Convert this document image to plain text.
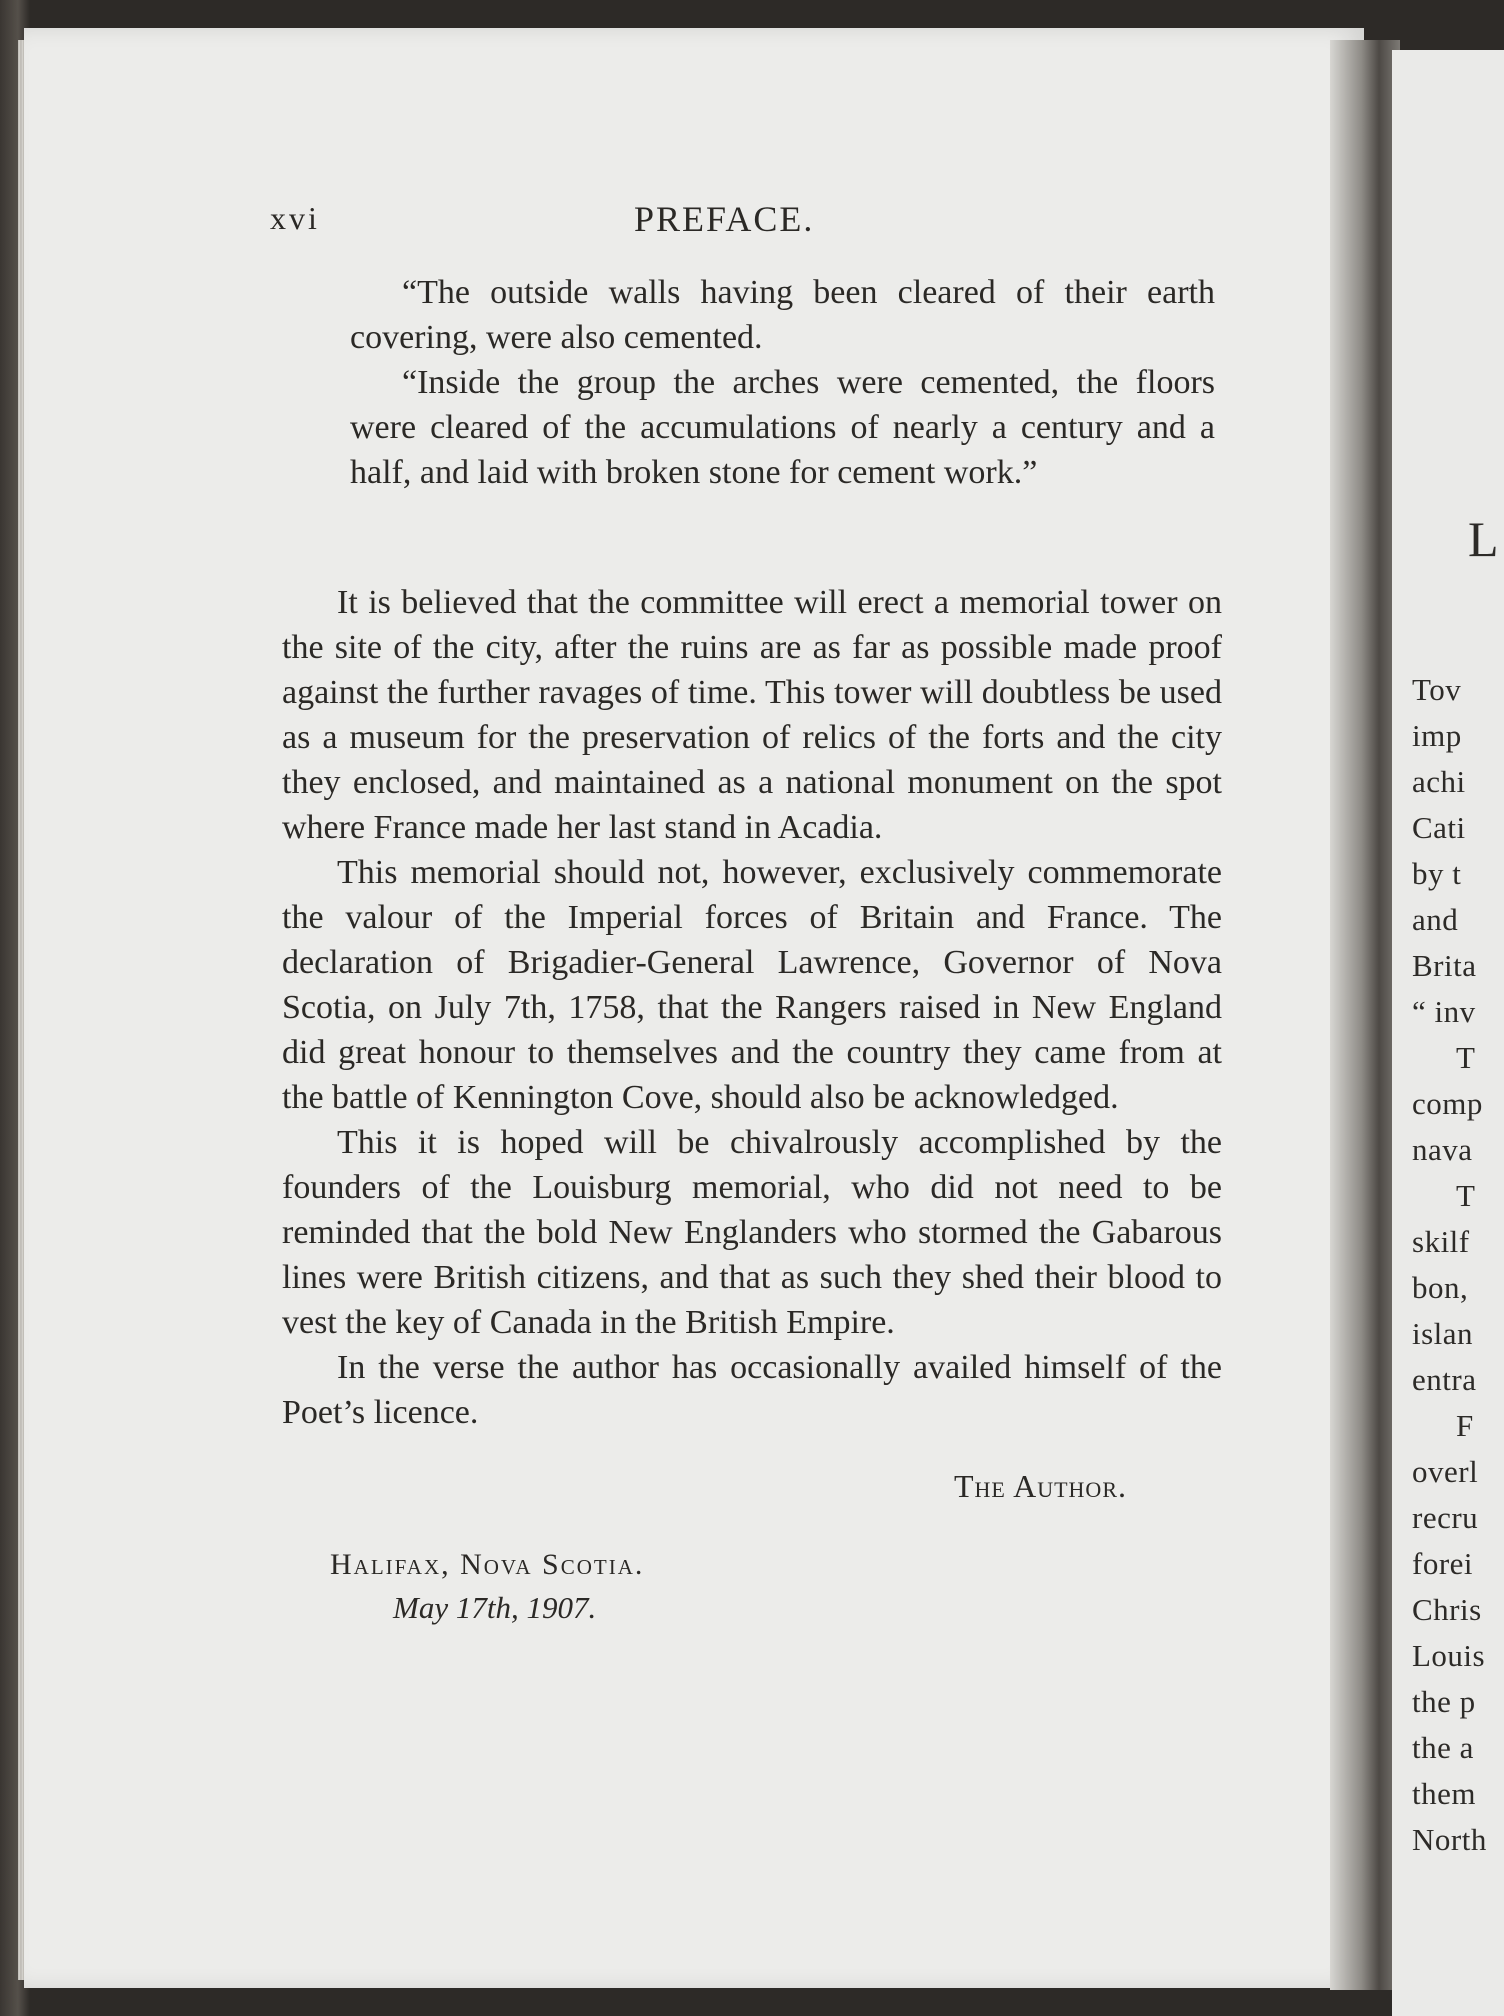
L
Tov
imp
achi
Cati
by t
and
Brita
“ inv
T
comp
nava
T
skilf
bon,
islan
entra
F
overl
recru
forei
Chris
Louis
the p
the a
them
North
xvi	PREFACE.

“The outside walls having been cleared of their earth covering, were also cemented.

“Inside the group the arches were cemented, the floors were cleared of the accumulations of nearly a century and a half, and laid with broken stone for cement work.”

It is believed that the committee will erect a memorial tower on the site of the city, after the ruins are as far as possible made proof against the further ravages of time. This tower will doubtless be used as a museum for the preservation of relics of the forts and the city they enclosed, and maintained as a national monument on the spot where France made her last stand in Acadia.

This memorial should not, however, exclusively commemorate the valour of the Imperial forces of Britain and France. The declaration of Brigadier-General Lawrence, Governor of Nova Scotia, on July 7th, 1758, that the Rangers raised in New England did great honour to themselves and the country they came from at the battle of Kennington Cove, should also be acknowledged.

This it is hoped will be chivalrously accomplished by the founders of the Louisburg memorial, who did not need to be reminded that the bold New Englanders who stormed the Gabarous lines were British citizens, and that as such they shed their blood to vest the key of Canada in the British Empire.

In the verse the author has occasionally availed himself of the Poet’s licence.

The Author.
Halifax, Nova Scotia.
May 17th, 1907.
